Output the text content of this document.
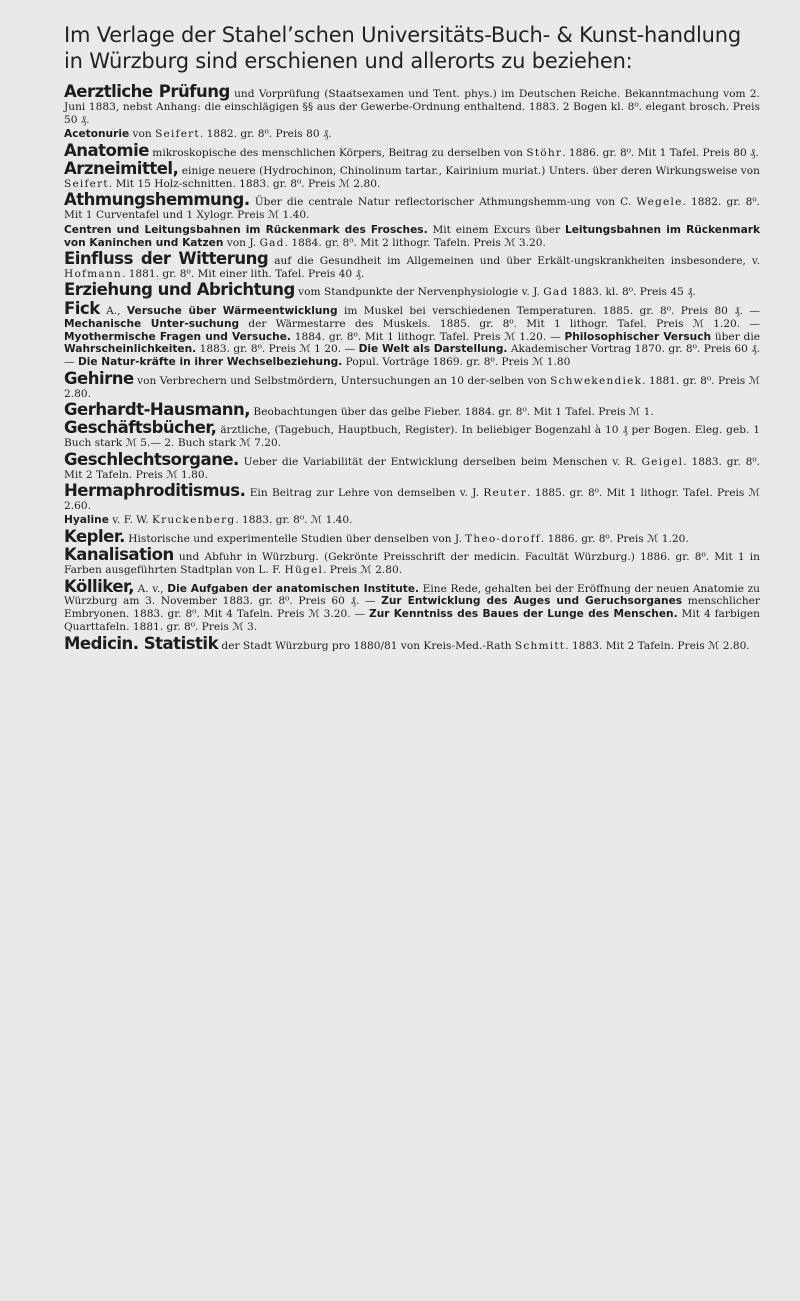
Im Verlage der Stahel’schen Universitäts-Buch- & Kunst-handlung in Würzburg sind erschienen und allerorts zu beziehen:

Aerztliche Prüfung und Vorprüfung (Staatsexamen und Tent. phys.) im Deutschen Reiche. Bekanntmachung vom 2. Juni 1883, nebst Anhang: die einschlägigen §§ aus der Gewerbe-Ordnung enthaltend. 1883. 2 Bogen kl. 8⁰. elegant brosch. Preis 50 ₰.

Acetonurie von Seifert. 1882. gr. 8⁰. Preis 80 ₰.

Anatomie mikroskopische des menschlichen Körpers, Beitrag zu derselben von Stöhr. 1886. gr. 8⁰. Mit 1 Tafel. Preis 80 ₰.

Arzneimittel, einige neuere (Hydrochinon, Chinolinum tartar., Kairinium muriat.) Unters. über deren Wirkungsweise von Seifert. Mit 15 Holz-schnitten. 1883. gr. 8⁰. Preis ℳ 2.80.

Athmungshemmung. Über die centrale Natur reflectorischer Athmungshemm-ung von C. Wegele. 1882. gr. 8⁰. Mit 1 Curventafel und 1 Xylogr. Preis ℳ 1.40.

Centren und Leitungsbahnen im Rückenmark des Frosches. Mit einem Excurs über Leitungsbahnen im Rückenmark von Kaninchen und Katzen von J. Gad. 1884. gr. 8⁰. Mit 2 lithogr. Tafeln. Preis ℳ 3.20.

Einfluss der Witterung auf die Gesundheit im Allgemeinen und über Erkält-ungskrankheiten insbesondere, v. Hofmann. 1881. gr. 8⁰. Mit einer lith. Tafel. Preis 40 ₰.

Erziehung und Abrichtung vom Standpunkte der Nervenphysiologie v. J. Gad 1883. kl. 8⁰. Preis 45 ₰.

Fick A., Versuche über Wärmeentwicklung im Muskel bei verschiedenen Temperaturen. 1885. gr. 8⁰. Preis 80 ₰. — Mechanische Unter-suchung der Wärmestarre des Muskels. 1885. gr. 8⁰. Mit 1 lithogr. Tafel. Preis ℳ 1.20. — Myothermische Fragen und Versuche. 1884. gr. 8⁰. Mit 1 lithogr. Tafel. Preis ℳ 1.20. — Philosophischer Versuch über die Wahrscheinlichkeiten. 1883. gr. 8⁰. Preis ℳ 1 20. — Die Welt als Darstellung. Akademischer Vortrag 1870. gr. 8⁰. Preis 60 ₰. — Die Natur-kräfte in ihrer Wechselbeziehung. Popul. Vorträge 1869. gr. 8⁰. Preis ℳ 1.80

Gehirne von Verbrechern und Selbstmördern, Untersuchungen an 10 der-selben von Schwekendiek. 1881. gr. 8⁰. Preis ℳ 2.80.

Gerhardt-Hausmann, Beobachtungen über das gelbe Fieber. 1884. gr. 8⁰. Mit 1 Tafel. Preis ℳ 1.

Geschäftsbücher, ärztliche, (Tagebuch, Hauptbuch, Register). In beliebiger Bogenzahl à 10 ₰ per Bogen. Eleg. geb. 1 Buch stark ℳ 5.— 2. Buch stark ℳ 7.20.

Geschlechtsorgane. Ueber die Variabilität der Entwicklung derselben beim Menschen v. R. Geigel. 1883. gr. 8⁰. Mit 2 Tafeln. Preis ℳ 1.80.

Hermaphroditismus. Ein Beitrag zur Lehre von demselben v. J. Reuter. 1885. gr. 8⁰. Mit 1 lithogr. Tafel. Preis ℳ 2.60.

Hyaline v. F. W. Kruckenberg. 1883. gr. 8⁰. ℳ 1.40.

Kepler. Historische und experimentelle Studien über denselben von J. Theo-doroff. 1886. gr. 8⁰. Preis ℳ 1.20.

Kanalisation und Abfuhr in Würzburg. (Gekrönte Preisschrift der medicin. Facultät Würzburg.) 1886. gr. 8⁰. Mit 1 in Farben ausgeführten Stadtplan von L. F. Hügel. Preis ℳ 2.80.

Kölliker, A. v., Die Aufgaben der anatomischen Institute. Eine Rede, gehalten bei der Eröffnung der neuen Anatomie zu Würzburg am 3. November 1883. gr. 8⁰. Preis 60 ₰. — Zur Entwicklung des Auges und Geruchsorganes menschlicher Embryonen. 1883. gr. 8⁰. Mit 4 Tafeln. Preis ℳ 3.20. — Zur Kenntniss des Baues der Lunge des Menschen. Mit 4 farbigen Quarttafeln. 1881. gr. 8⁰. Preis ℳ 3.

Medicin. Statistik der Stadt Würzburg pro 1880/81 von Kreis-Med.-Rath Schmitt. 1883. Mit 2 Tafeln. Preis ℳ 2.80.
